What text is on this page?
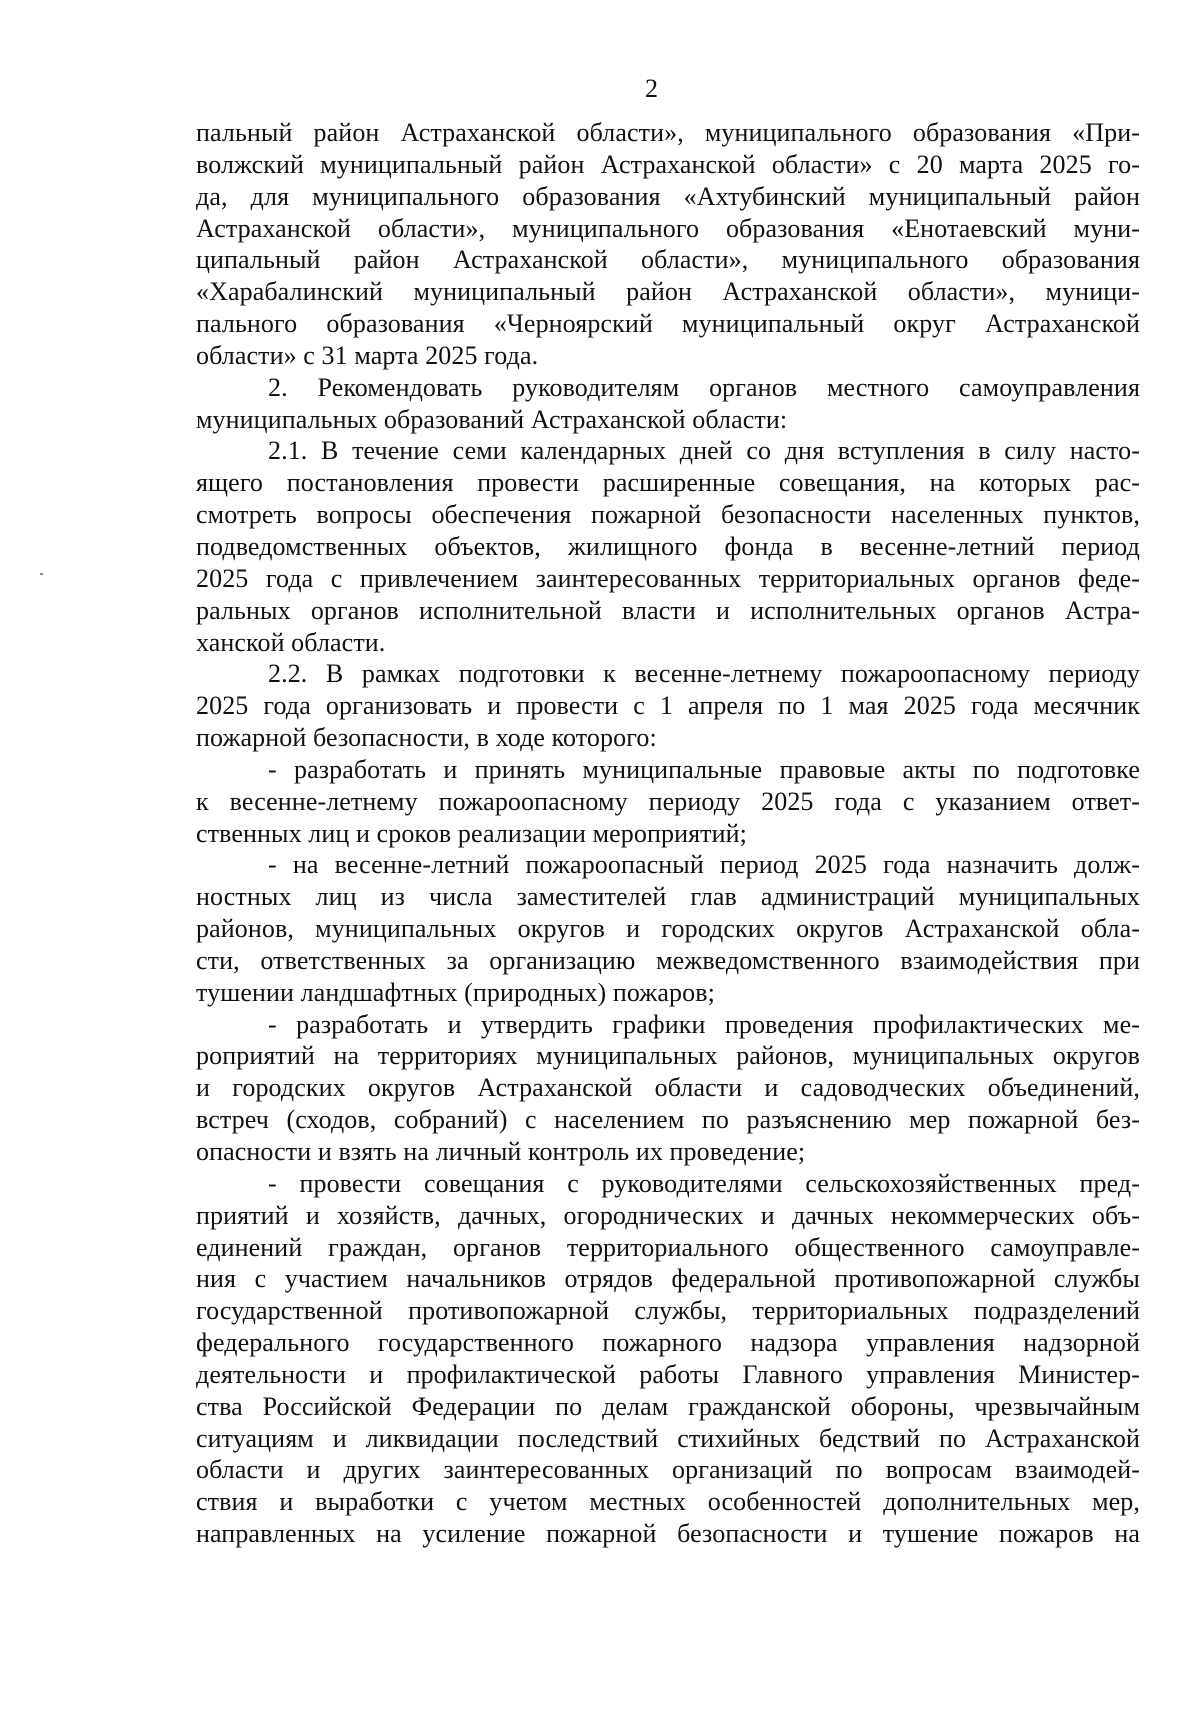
2
пальный район Астраханской области», муниципального образования «При-
волжский муниципальный район Астраханской области» с 20 марта 2025 го-
да, для муниципального образования «Ахтубинский муниципальный район
Астраханской области», муниципального образования «Енотаевский муни-
ципальный район Астраханской области», муниципального образования
«Харабалинский муниципальный район Астраханской области», муници-
пального образования «Черноярский муниципальный округ Астраханской
области» с 31 марта 2025 года.
2. Рекомендовать руководителям органов местного самоуправления
муниципальных образований Астраханской области:
2.1. В течение семи календарных дней со дня вступления в силу насто-
ящего постановления провести расширенные совещания, на которых рас-
смотреть вопросы обеспечения пожарной безопасности населенных пунктов,
подведомственных объектов, жилищного фонда в весенне-летний период
2025 года с привлечением заинтересованных территориальных органов феде-
ральных органов исполнительной власти и исполнительных органов Астра-
ханской области.
2.2. В рамках подготовки к весенне-летнему пожароопасному периоду
2025 года организовать и провести с 1 апреля по 1 мая 2025 года месячник
пожарной безопасности, в ходе которого:
- разработать и принять муниципальные правовые акты по подготовке
к весенне-летнему пожароопасному периоду 2025 года с указанием ответ-
ственных лиц и сроков реализации мероприятий;
- на весенне-летний пожароопасный период 2025 года назначить долж-
ностных лиц из числа заместителей глав администраций муниципальных
районов, муниципальных округов и городских округов Астраханской обла-
сти, ответственных за организацию межведомственного взаимодействия при
тушении ландшафтных (природных) пожаров;
- разработать и утвердить графики проведения профилактических ме-
роприятий на территориях муниципальных районов, муниципальных округов
и городских округов Астраханской области и садоводческих объединений,
встреч (сходов, собраний) с населением по разъяснению мер пожарной без-
опасности и взять на личный контроль их проведение;
- провести совещания с руководителями сельскохозяйственных пред-
приятий и хозяйств, дачных, огороднических и дачных некоммерческих объ-
единений граждан, органов территориального общественного самоуправле-
ния с участием начальников отрядов федеральной противопожарной службы
государственной противопожарной службы, территориальных подразделений
федерального государственного пожарного надзора управления надзорной
деятельности и профилактической работы Главного управления Министер-
ства Российской Федерации по делам гражданской обороны, чрезвычайным
ситуациям и ликвидации последствий стихийных бедствий по Астраханской
области и других заинтересованных организаций по вопросам взаимодей-
ствия и выработки с учетом местных особенностей дополнительных мер,
направленных на усиление пожарной безопасности и тушение пожаров на
